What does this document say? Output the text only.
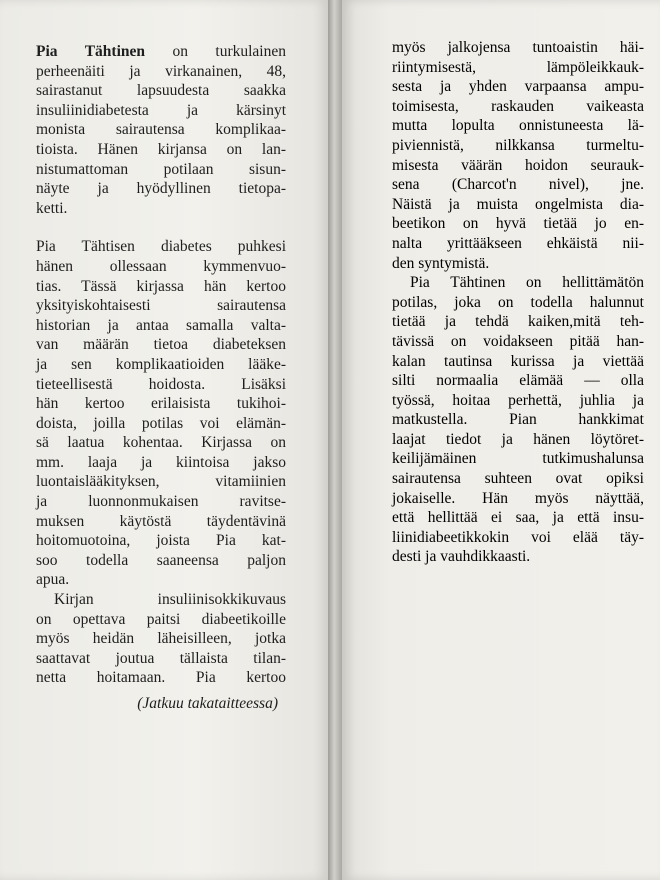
Pia Tähtinen on turkulainen
perheenäiti ja virkanainen, 48,
sairastanut lapsuudesta saakka
insuliinidiabetesta ja kärsinyt
monista sairautensa komplikaa-
tioista. Hänen kirjansa on lan-
nistumattoman potilaan sisun-
näyte ja hyödyllinen tietopa-
ketti.
Pia Tähtisen diabetes puhkesi
hänen ollessaan kymmenvuo-
tias. Tässä kirjassa hän kertoo
yksityiskohtaisesti sairautensa
historian ja antaa samalla valta-
van määrän tietoa diabeteksen
ja sen komplikaatioiden lääke-
tieteellisestä hoidosta. Lisäksi
hän kertoo erilaisista tukihoi-
doista, joilla potilas voi elämän-
sä laatua kohentaa. Kirjassa on
mm. laaja ja kiintoisa jakso
luontaislääkityksen, vitamiinien
ja luonnonmukaisen ravitse-
muksen käytöstä täydentävinä
hoitomuotoina, joista Pia kat-
soo todella saaneensa paljon
apua.
Kirjan insuliinisokkikuvaus
on opettava paitsi diabeetikoille
myös heidän läheisilleen, jotka
saattavat joutua tällaista tilan-
netta hoitamaan. Pia kertoo
(Jatkuu takataitteessa)
myös jalkojensa tuntoaistin häi-
riintymisestä, lämpöleikkauk-
sesta ja yhden varpaansa ampu-
toimisesta, raskauden vaikeasta
mutta lopulta onnistuneesta lä-
piviennistä, nilkkansa turmeltu-
misesta väärän hoidon seurauk-
sena (Charcot'n nivel), jne.
Näistä ja muista ongelmista dia-
beetikon on hyvä tietää jo en-
nalta yrittääkseen ehkäistä nii-
den syntymistä.
Pia Tähtinen on hellittämätön
potilas, joka on todella halunnut
tietää ja tehdä kaiken,mitä teh-
tävissä on voidakseen pitää han-
kalan tautinsa kurissa ja viettää
silti normaalia elämää — olla
työssä, hoitaa perhettä, juhlia ja
matkustella. Pian hankkimat
laajat tiedot ja hänen löytöret-
keilijämäinen tutkimushalunsa
sairautensa suhteen ovat opiksi
jokaiselle. Hän myös näyttää,
että hellittää ei saa, ja että insu-
liinidiabeetikkokin voi elää täy-
desti ja vauhdikkaasti.
